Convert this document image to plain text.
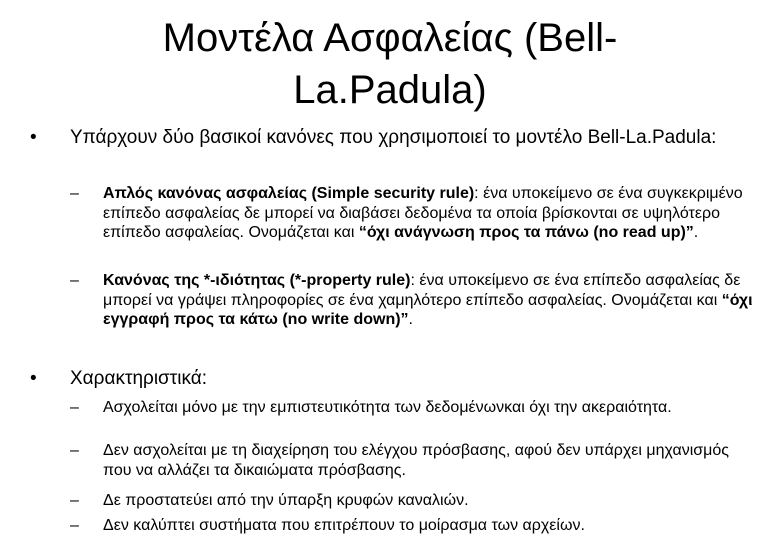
Μοντέλα Ασφαλείας (Bell-
La.Padula)
• Υπάρχουν δύο βασικοί κανόνες που χρησιμοποιεί το μοντέλο Bell-La.Padula:
– Απλός κανόνας ασφαλείας (Simple security rule): ένα υποκείμενο σε ένα συγκεκριμένο επίπεδο ασφαλείας δε μπορεί να διαβάσει δεδομένα τα οποία βρίσκονται σε υψηλότερο επίπεδο ασφαλείας. Ονομάζεται και “όχι ανάγνωση προς τα πάνω (no read up)”.
– Κανόνας της *-ιδιότητας (*-property rule): ένα υποκείμενο σε ένα επίπεδο ασφαλείας δε μπορεί να γράψει πληροφορίες σε ένα χαμηλότερο επίπεδο ασφαλείας. Ονομάζεται και “όχι εγγραφή προς τα κάτω (no write down)”.
• Χαρακτηριστικά:
– Ασχολείται μόνο με την εμπιστευτικότητα των δεδομένωνκαι όχι την ακεραιότητα.
– Δεν ασχολείται με τη διαχείρηση του ελέγχου πρόσβασης, αφού δεν υπάρχει μηχανισμός που να αλλάζει τα δικαιώματα πρόσβασης.
– Δε προστατεύει από την ύπαρξη κρυφών καναλιών.
– Δεν καλύπτει συστήματα που επιτρέπουν το μοίρασμα των αρχείων.
